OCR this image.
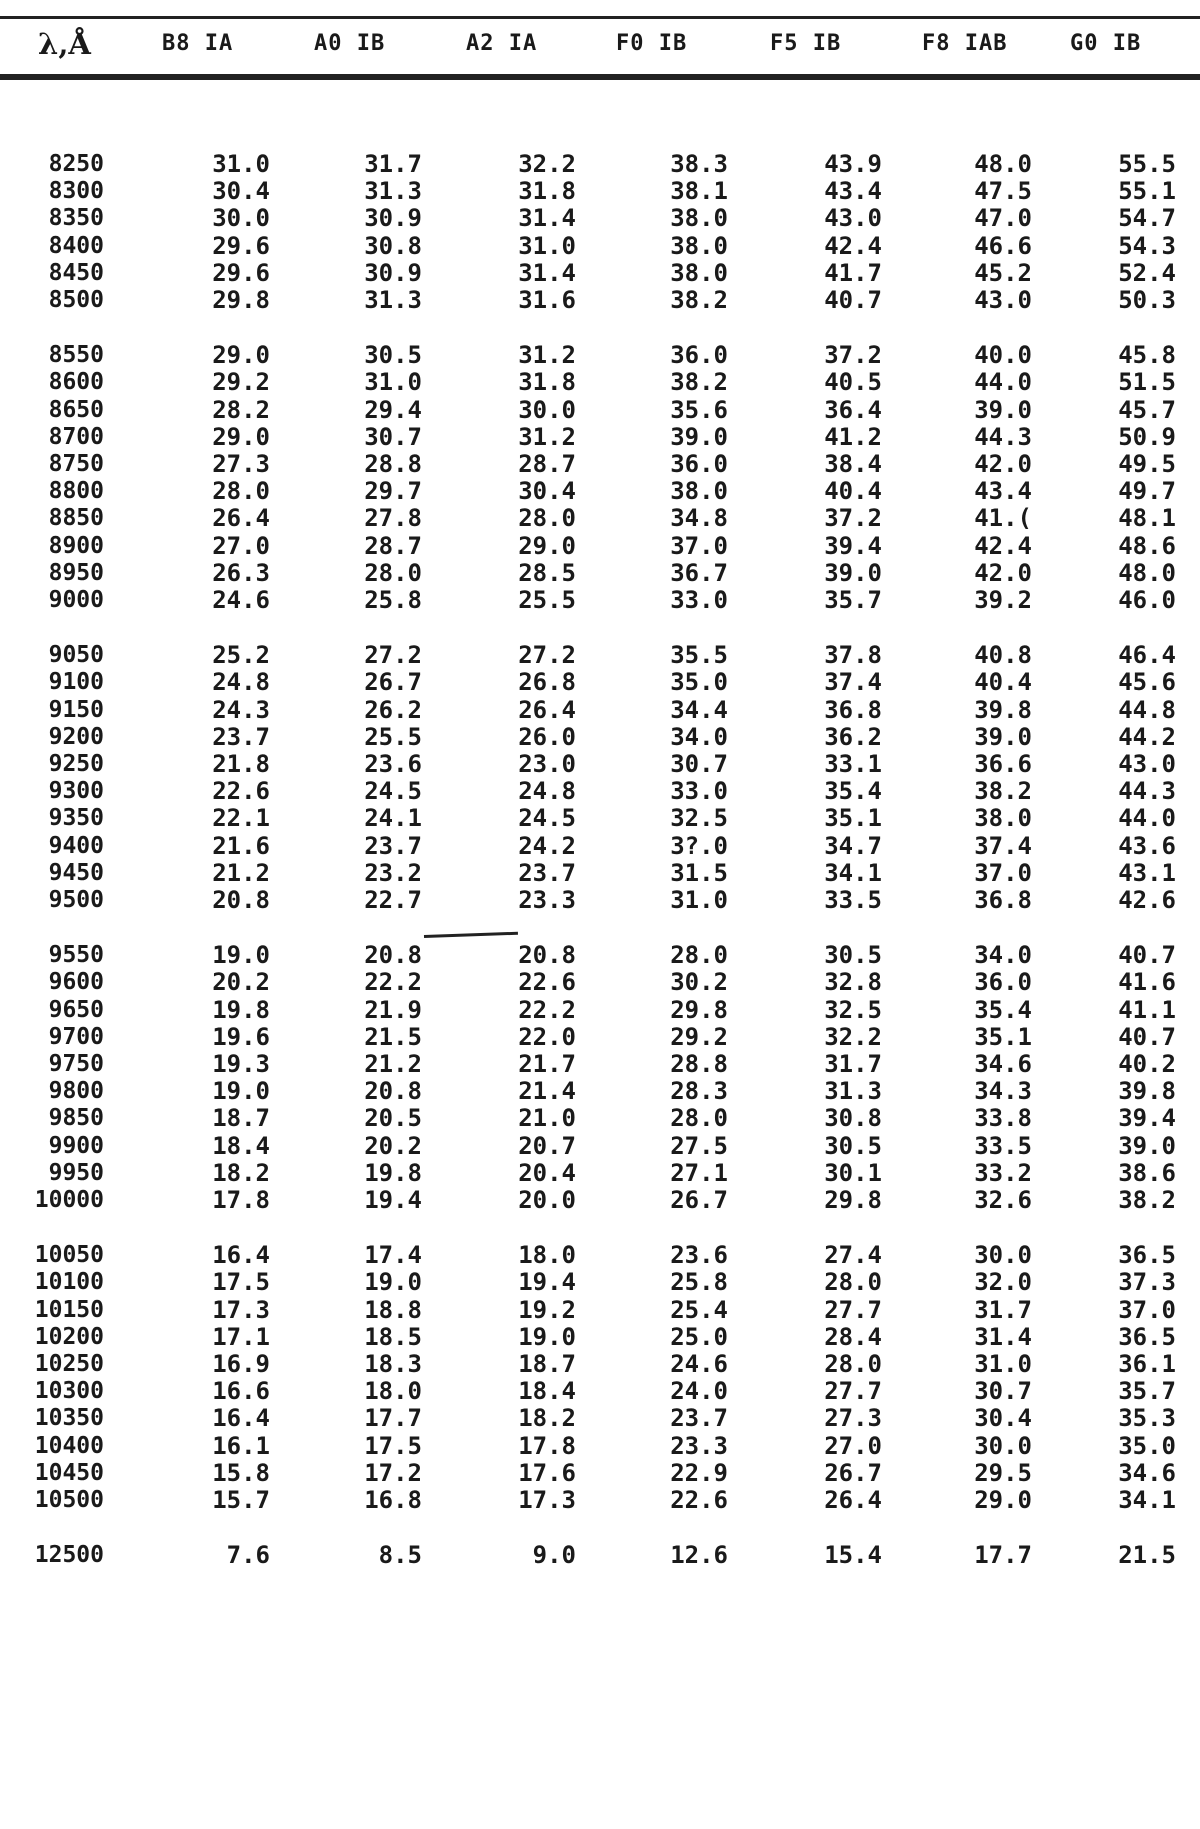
λ,Å	B8 IA	A0 IB	A2 IA	F0 IB	F5 IB	F8 IAB	G0 IB
8250	31.0	31.7	32.2	38.3	43.9	48.0	55.5
8300	30.4	31.3	31.8	38.1	43.4	47.5	55.1
8350	30.0	30.9	31.4	38.0	43.0	47.0	54.7
8400	29.6	30.8	31.0	38.0	42.4	46.6	54.3
8450	29.6	30.9	31.4	38.0	41.7	45.2	52.4
8500	29.8	31.3	31.6	38.2	40.7	43.0	50.3
8550	29.0	30.5	31.2	36.0	37.2	40.0	45.8
8600	29.2	31.0	31.8	38.2	40.5	44.0	51.5
8650	28.2	29.4	30.0	35.6	36.4	39.0	45.7
8700	29.0	30.7	31.2	39.0	41.2	44.3	50.9
8750	27.3	28.8	28.7	36.0	38.4	42.0	49.5
8800	28.0	29.7	30.4	38.0	40.4	43.4	49.7
8850	26.4	27.8	28.0	34.8	37.2	41.(	48.1
8900	27.0	28.7	29.0	37.0	39.4	42.4	48.6
8950	26.3	28.0	28.5	36.7	39.0	42.0	48.0
9000	24.6	25.8	25.5	33.0	35.7	39.2	46.0
9050	25.2	27.2	27.2	35.5	37.8	40.8	46.4
9100	24.8	26.7	26.8	35.0	37.4	40.4	45.6
9150	24.3	26.2	26.4	34.4	36.8	39.8	44.8
9200	23.7	25.5	26.0	34.0	36.2	39.0	44.2
9250	21.8	23.6	23.0	30.7	33.1	36.6	43.0
9300	22.6	24.5	24.8	33.0	35.4	38.2	44.3
9350	22.1	24.1	24.5	32.5	35.1	38.0	44.0
9400	21.6	23.7	24.2	3?.0	34.7	37.4	43.6
9450	21.2	23.2	23.7	31.5	34.1	37.0	43.1
9500	20.8	22.7	23.3	31.0	33.5	36.8	42.6
9550	19.0	20.8	20.8	28.0	30.5	34.0	40.7
9600	20.2	22.2	22.6	30.2	32.8	36.0	41.6
9650	19.8	21.9	22.2	29.8	32.5	35.4	41.1
9700	19.6	21.5	22.0	29.2	32.2	35.1	40.7
9750	19.3	21.2	21.7	28.8	31.7	34.6	40.2
9800	19.0	20.8	21.4	28.3	31.3	34.3	39.8
9850	18.7	20.5	21.0	28.0	30.8	33.8	39.4
9900	18.4	20.2	20.7	27.5	30.5	33.5	39.0
9950	18.2	19.8	20.4	27.1	30.1	33.2	38.6
10000	17.8	19.4	20.0	26.7	29.8	32.6	38.2
10050	16.4	17.4	18.0	23.6	27.4	30.0	36.5
10100	17.5	19.0	19.4	25.8	28.0	32.0	37.3
10150	17.3	18.8	19.2	25.4	27.7	31.7	37.0
10200	17.1	18.5	19.0	25.0	28.4	31.4	36.5
10250	16.9	18.3	18.7	24.6	28.0	31.0	36.1
10300	16.6	18.0	18.4	24.0	27.7	30.7	35.7
10350	16.4	17.7	18.2	23.7	27.3	30.4	35.3
10400	16.1	17.5	17.8	23.3	27.0	30.0	35.0
10450	15.8	17.2	17.6	22.9	26.7	29.5	34.6
10500	15.7	16.8	17.3	22.6	26.4	29.0	34.1
12500	7.6	8.5	9.0	12.6	15.4	17.7	21.5
